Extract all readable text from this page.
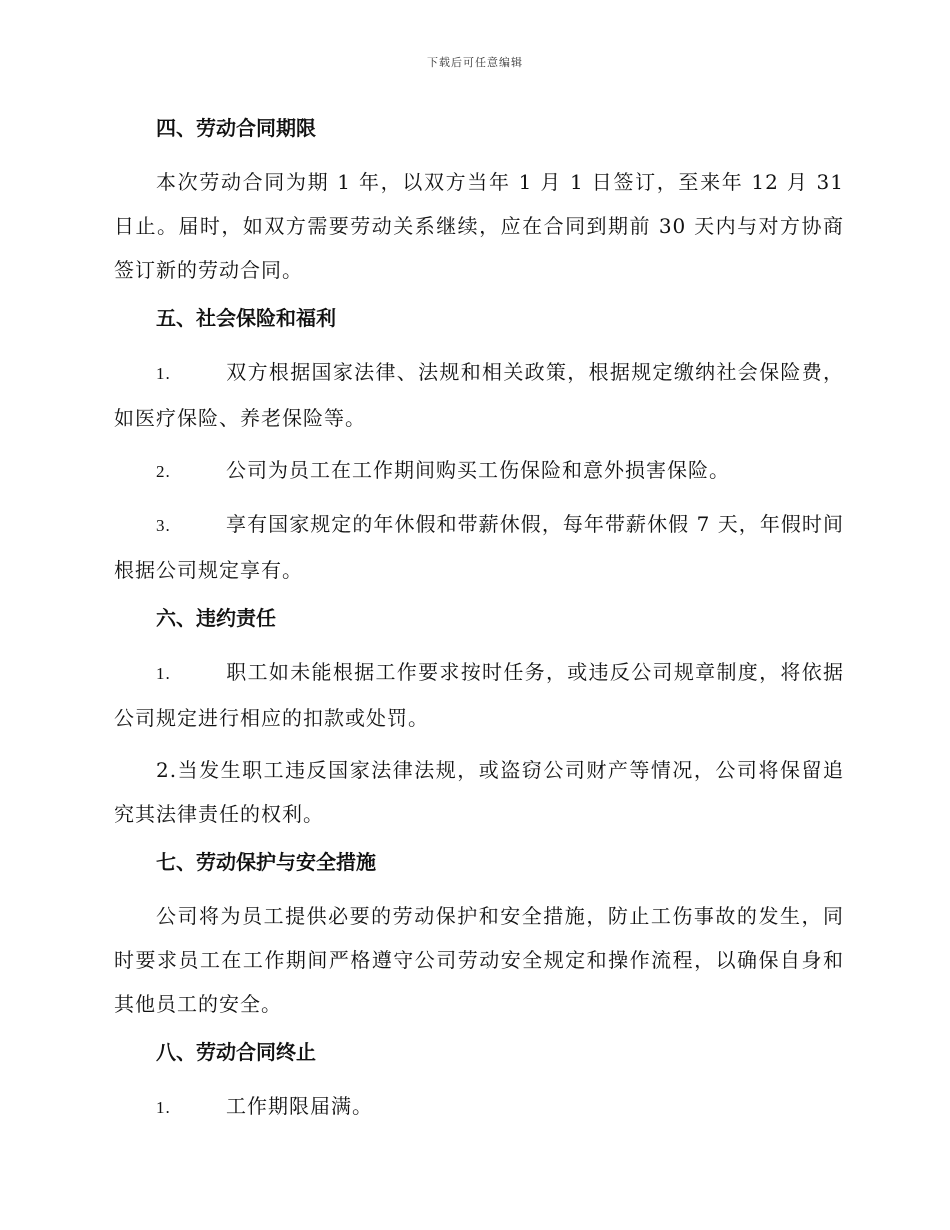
下载后可任意编辑
四、劳动合同期限

本次劳动合同为期 1 年，以双方当年 1 月 1 日签订，至来年 12 月 31 日止。届时，如双方需要劳动关系继续，应在合同到期前 30 天内与对方协商签订新的劳动合同。

五、社会保险和福利

1.	双方根据国家法律、法规和相关政策，根据规定缴纳社会保险费，如医疗保险、养老保险等。

2.	公司为员工在工作期间购买工伤保险和意外损害保险。

3.	享有国家规定的年休假和带薪休假，每年带薪休假 7 天，年假时间根据公司规定享有。

六、违约责任

1.	职工如未能根据工作要求按时任务，或违反公司规章制度，将依据公司规定进行相应的扣款或处罚。

2.当发生职工违反国家法律法规，或盗窃公司财产等情况，公司将保留追究其法律责任的权利。

七、劳动保护与安全措施

公司将为员工提供必要的劳动保护和安全措施，防止工伤事故的发生，同时要求员工在工作期间严格遵守公司劳动安全规定和操作流程，以确保自身和其他员工的安全。

八、劳动合同终止

1.	工作期限届满。
